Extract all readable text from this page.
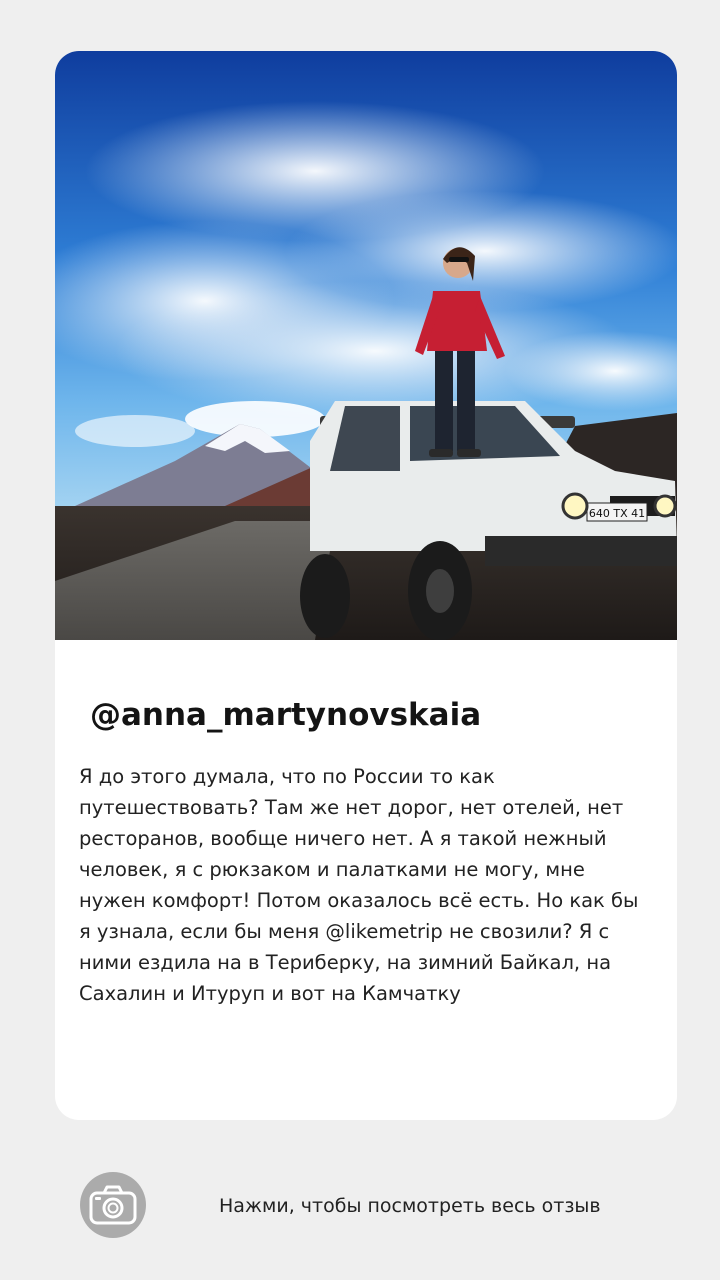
640 ТХ 41
@anna_martynovskaia

Я до этого думала, что по России то как путешествовать? Там же нет дорог, нет отелей, нет ресторанов, вообще ничего нет. А я такой нежный человек, я с рюкзаком и палатками не могу, мне нужен комфорт! Потом оказалось всё есть. Но как бы я узнала, если бы меня @likemetrip не свозили? Я с ними ездила на в Териберку, на зимний Байкал, на Сахалин и Итуруп и вот на Камчатку

Нажми, чтобы посмотреть весь отзыв
